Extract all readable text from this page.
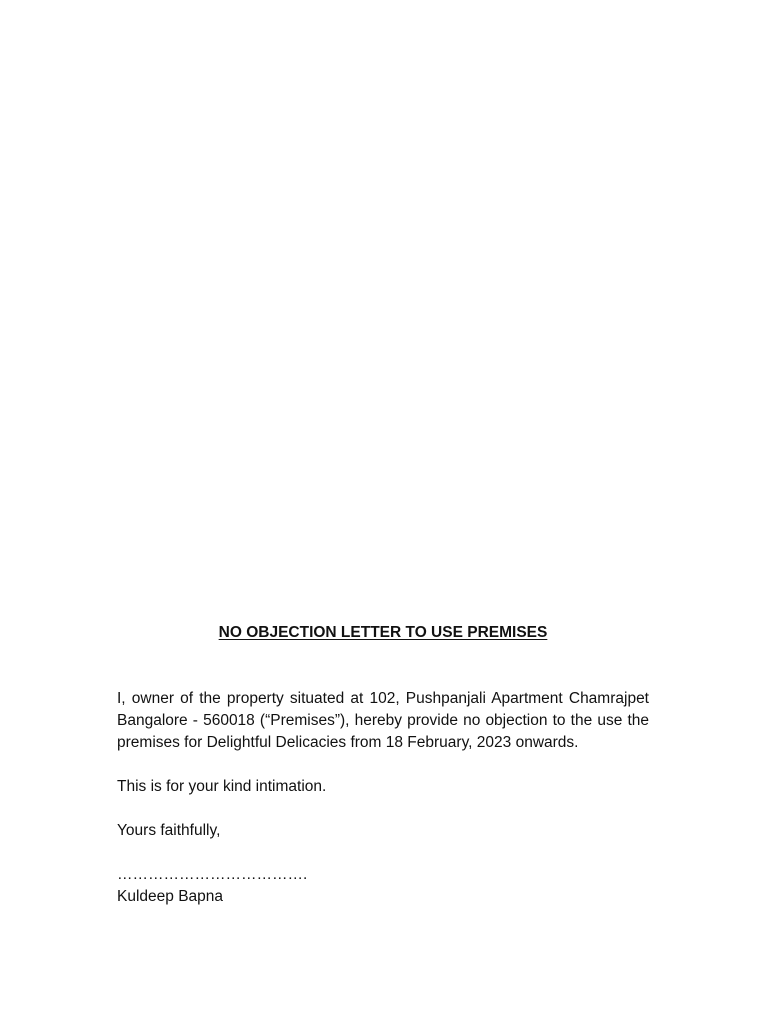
NO OBJECTION LETTER TO USE PREMISES

I, owner of the property situated at 102, Pushpanjali Apartment Chamrajpet Bangalore - 560018 (“Premises”), hereby provide no objection to the use the premises for Delightful Delicacies from 18 February, 2023 onwards.

This is for your kind intimation.

Yours faithfully,

……………………………….

Kuldeep Bapna
